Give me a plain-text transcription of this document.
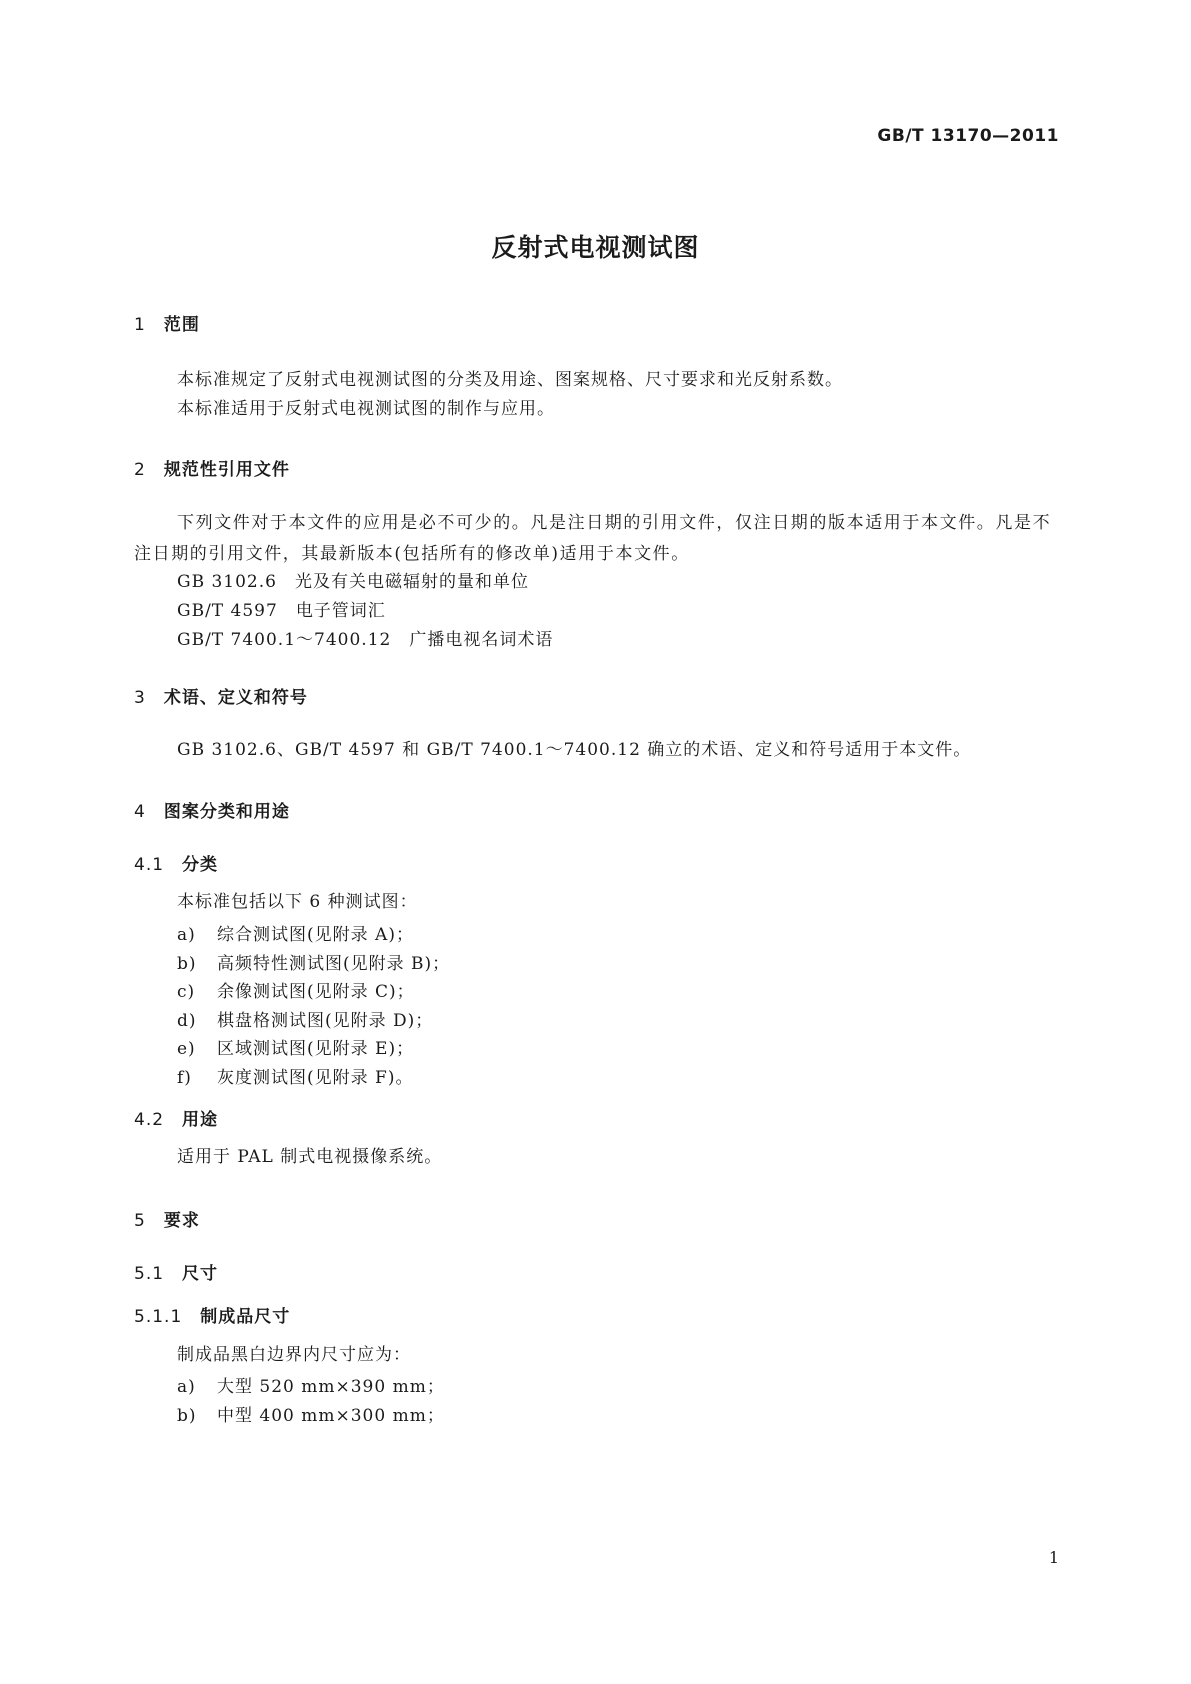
GB/T 13170—2011
反射式电视测试图
1 范围
本标准规定了反射式电视测试图的分类及用途、图案规格、尺寸要求和光反射系数。
本标准适用于反射式电视测试图的制作与应用。
2 规范性引用文件
下列文件对于本文件的应用是必不可少的。凡是注日期的引用文件，仅注日期的版本适用于本文件。凡是不注日期的引用文件，其最新版本(包括所有的修改单)适用于本文件。
GB 3102.6 光及有关电磁辐射的量和单位
GB/T 4597 电子管词汇
GB/T 7400.1～7400.12 广播电视名词术语
3 术语、定义和符号
GB 3102.6、GB/T 4597 和 GB/T 7400.1～7400.12 确立的术语、定义和符号适用于本文件。
4 图案分类和用途
4.1 分类
本标准包括以下 6 种测试图：
a) 综合测试图(见附录 A)；
b) 高频特性测试图(见附录 B)；
c) 余像测试图(见附录 C)；
d) 棋盘格测试图(见附录 D)；
e) 区域测试图(见附录 E)；
f) 灰度测试图(见附录 F)。
4.2 用途
适用于 PAL 制式电视摄像系统。
5 要求
5.1 尺寸
5.1.1 制成品尺寸
制成品黑白边界内尺寸应为：
a) 大型 520 mm×390 mm；
b) 中型 400 mm×300 mm；
1
